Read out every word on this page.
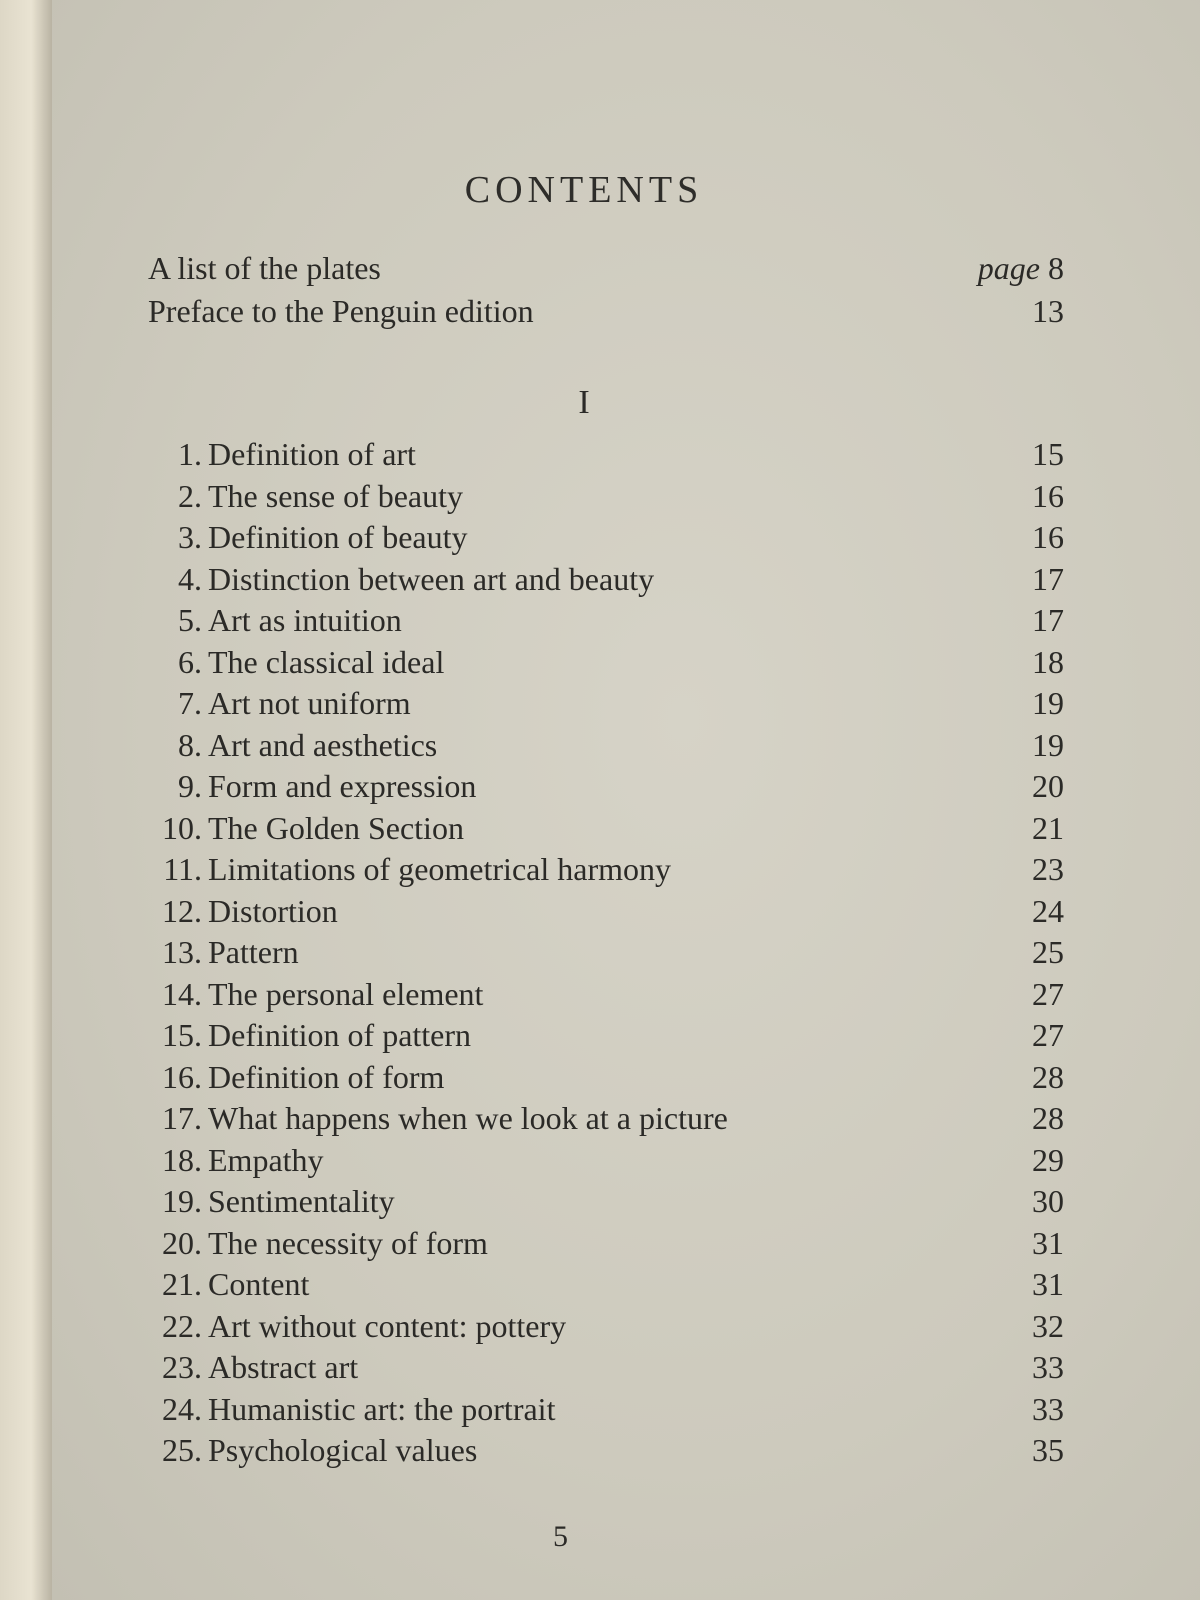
CONTENTS
A list of the plates	page 8
Preface to the Penguin edition	13
I
1. Definition of art	15
2. The sense of beauty	16
3. Definition of beauty	16
4. Distinction between art and beauty	17
5. Art as intuition	17
6. The classical ideal	18
7. Art not uniform	19
8. Art and aesthetics	19
9. Form and expression	20
10. The Golden Section	21
11. Limitations of geometrical harmony	23
12. Distortion	24
13. Pattern	25
14. The personal element	27
15. Definition of pattern	27
16. Definition of form	28
17. What happens when we look at a picture	28
18. Empathy	29
19. Sentimentality	30
20. The necessity of form	31
21. Content	31
22. Art without content: pottery	32
23. Abstract art	33
24. Humanistic art: the portrait	33
25. Psychological values	35
5
